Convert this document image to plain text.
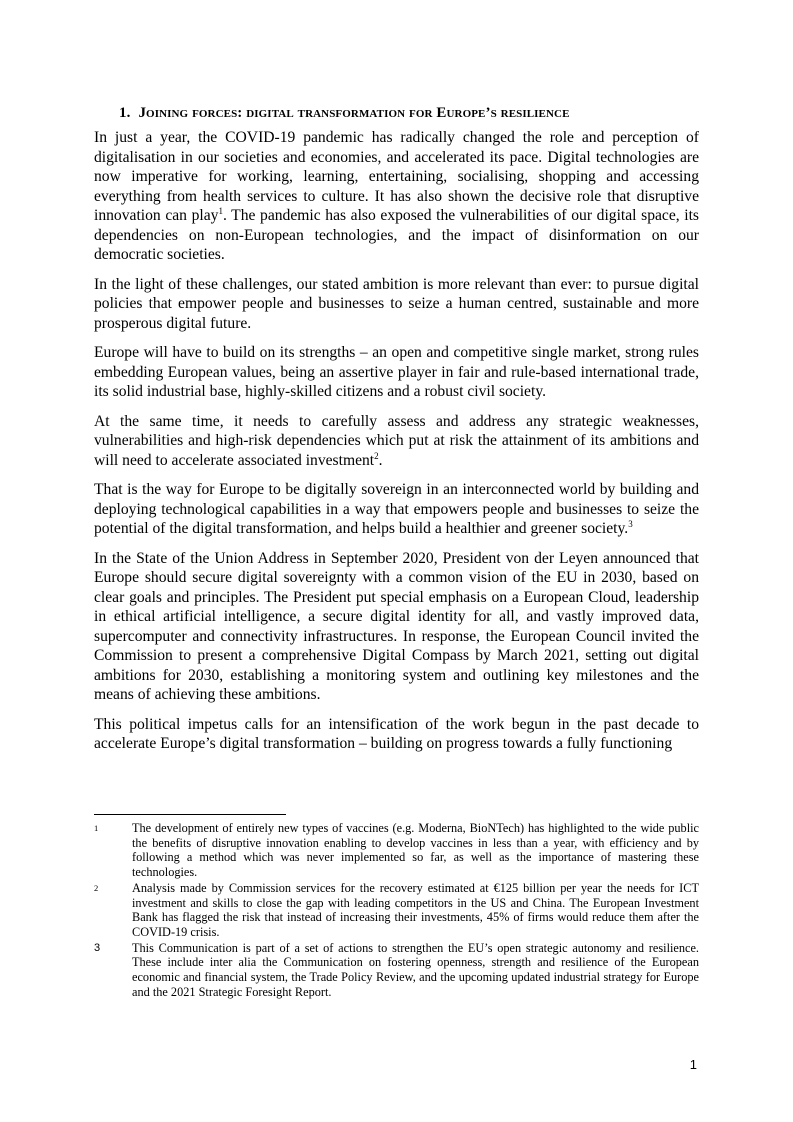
1. Joining forces: digital transformation for Europe’s resilience

In just a year, the COVID-19 pandemic has radically changed the role and perception of digitalisation in our societies and economies, and accelerated its pace. Digital technologies are now imperative for working, learning, entertaining, socialising, shopping and accessing everything from health services to culture. It has also shown the decisive role that disruptive innovation can play$^1$. The pandemic has also exposed the vulnerabilities of our digital space, its dependencies on non-European technologies, and the impact of disinformation on our democratic societies.

In the light of these challenges, our stated ambition is more relevant than ever: to pursue digital policies that empower people and businesses to seize a human centred, sustainable and more prosperous digital future.

Europe will have to build on its strengths – an open and competitive single market, strong rules embedding European values, being an assertive player in fair and rule-based international trade, its solid industrial base, highly-skilled citizens and a robust civil society.

At the same time, it needs to carefully assess and address any strategic weaknesses, vulnerabilities and high-risk dependencies which put at risk the attainment of its ambitions and will need to accelerate associated investment$^2$.

That is the way for Europe to be digitally sovereign in an interconnected world by building and deploying technological capabilities in a way that empowers people and businesses to seize the potential of the digital transformation, and helps build a healthier and greener society.$^3$

In the State of the Union Address in September 2020, President von der Leyen announced that Europe should secure digital sovereignty with a common vision of the EU in 2030, based on clear goals and principles. The President put special emphasis on a European Cloud, leadership in ethical artificial intelligence, a secure digital identity for all, and vastly improved data, supercomputer and connectivity infrastructures. In response, the European Council invited the Commission to present a comprehensive Digital Compass by March 2021, setting out digital ambitions for 2030, establishing a monitoring system and outlining key milestones and the means of achieving these ambitions.

This political impetus calls for an intensification of the work begun in the past decade to accelerate Europe’s digital transformation – building on progress towards a fully functioning

1	The development of entirely new types of vaccines (e.g. Moderna, BioNTech) has highlighted to the wide public the benefits of disruptive innovation enabling to develop vaccines in less than a year, with efficiency and by following a method which was never implemented so far, as well as the importance of mastering these technologies.
2	Analysis made by Commission services for the recovery estimated at €125 billion per year the needs for ICT investment and skills to close the gap with leading competitors in the US and China. The European Investment Bank has flagged the risk that instead of increasing their investments, 45% of firms would reduce them after the COVID-19 crisis.
3	This Communication is part of a set of actions to strengthen the EU’s open strategic autonomy and resilience. These include inter alia the Communication on fostering openness, strength and resilience of the European economic and financial system, the Trade Policy Review, and the upcoming updated industrial strategy for Europe and the 2021 Strategic Foresight Report.
1
